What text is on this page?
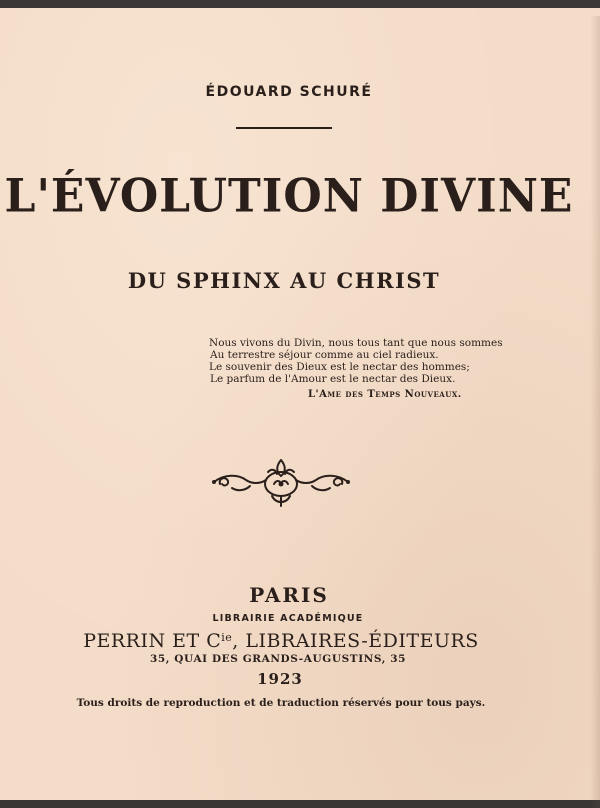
ÉDOUARD SCHURÉ
L'ÉVOLUTION DIVINE
DU SPHINX AU CHRIST
Nous vivons du Divin, nous tous tant que nous sommes
Au terrestre séjour comme au ciel radieux.
Le souvenir des Dieux est le nectar des hommes;
Le parfum de l'Amour est le nectar des Dieux.
L'Ame des Temps Nouveaux.
PARIS
LIBRAIRIE ACADÉMIQUE
PERRIN ET $C^{ie}$, LIBRAIRES-ÉDITEURS
35, QUAI DES GRANDS-AUGUSTINS, 35
1923
Tous droits de reproduction et de traduction réservés pour tous pays.
